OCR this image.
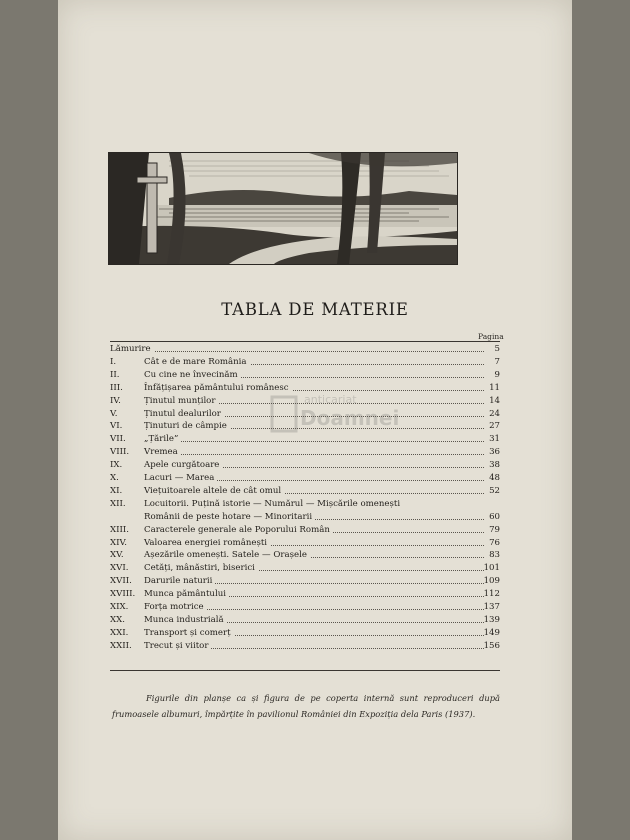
anticariat
Doamnei
TABLA DE MATERIE
Pagina
Lămurire	5
I.	Cât e de mare România	7
II.	Cu cine ne învecinăm	9
III. Înfățișarea pământului românesc	11
IV.	Ținutul munților	14
V.	Ținutul dealurilor	24
VI.	Ținuturi de câmpie	27
VII. „Țările”	31
VIII. Vremea	36
IX.	Apele curgătoare	38
X.	Lacuri — Marea	48
XI.	Viețuitoarele altele de cât omul	52
XII. Locuitorii. Puțină istorie — Numărul — Mișcările omenești
Românii de peste hotare — Minoritarii	60
XIII. Caracterele generale ale Poporului Român	79
XIV. Valoarea energiei românești	76
XV. Așezările omenești. Satele — Orașele	83
XVI. Cetăți, mânăstiri, biserici	101
XVII. Darurile naturii	109
XVIII. Munca pământului	112
XIX. Forța motrice	137
XX. Munca industrială	139
XXI. Transport și comerț	149
XXII. Trecut și viitor	156
Figurile din planșe ca și figura de pe coperta internă sunt reproduceri după frumoasele albumuri, împărțite în pavilionul României din Expoziția dela Paris (1937).
